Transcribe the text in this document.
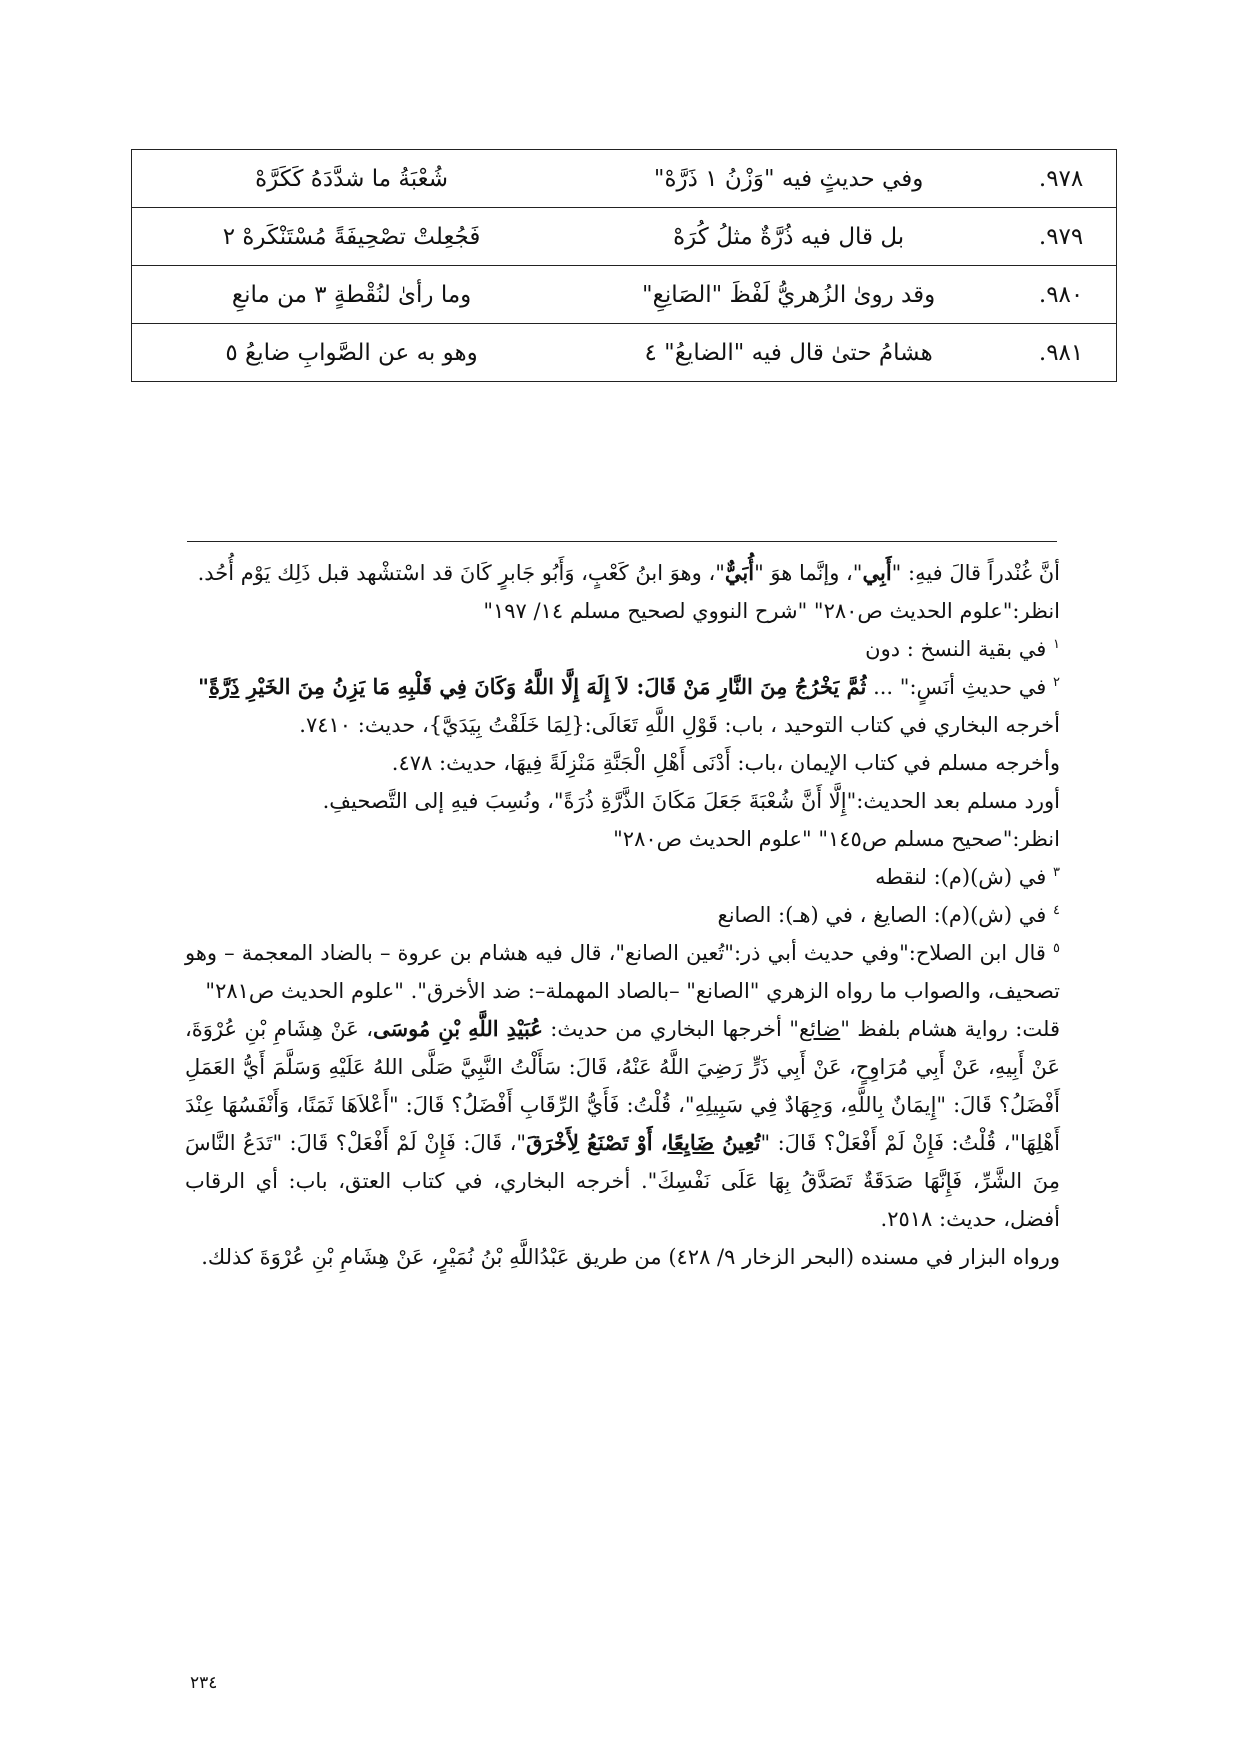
٩٧٨.	وفي حديثٍ فيه "وَزْنُ ١ ذَرَّهْ"	شُعْبَةُ ما شدَّدَهُ كَكَرَّهْ
٩٧٩.	بل قال فيه ذُرَّةٌ مثلُ كُرَهْ	فَجُعِلتْ تصْحِيفَةً مُسْتَنْكَرهْ ٢
٩٨٠.	وقد روىٰ الزُهريُّ لَفْظَ "الصَانِعِ"	وما رأىٰ لنُقْطةٍ ٣ من مانعِ
٩٨١.	هشامُ حتىٰ قال فيه "الضايعُ" ٤	وهو به عن الصَّوابِ ضايعُ ٥

أنَّ غُنْدراً قالَ فيهِ: "أَبِي"، وإنَّما هوَ "أُبَيٌّ"، وهوَ ابنُ كَعْبٍ، وَأَبُو جَابرٍ كَانَ قد اسْتشْهد قبل ذَلِك يَوْم أُحُد.

انظر:"علوم الحديث ص٢٨٠" "شرح النووي لصحيح مسلم ١٤/ ١٩٧"

$^١$ في بقية النسخ : دون

$^٢$ في حديثِ أنَسٍ:" ... ثُمَّ يَخْرُجُ مِنَ النَّارِ مَنْ قَالَ: لاَ إِلَهَ إِلَّا اللَّهُ وَكَانَ فِي قَلْبِهِ مَا يَزِنُ مِنَ الخَيْرِ ذَرَّةً"

أخرجه البخاري في كتاب التوحيد ، باب: قَوْلِ اللَّهِ تَعَالَى:{لِمَا خَلَقْتُ بِيَدَيَّ}، حديث: ٧٤١٠.

وأخرجه مسلم في كتاب الإيمان ،باب: أَدْنَى أَهْلِ الْجَنَّةِ مَنْزِلَةً فِيهَا، حديث: ٤٧٨.

أورد مسلم بعد الحديث:"إِلَّا أَنَّ شُعْبَةَ جَعَلَ مَكَانَ الذَّرَّةِ ذُرَةً"، ونُسِبَ فيهِ إلى التَّصحيفِ.

انظر:"صحيح مسلم ص١٤٥" "علوم الحديث ص٢٨٠"

$^٣$ في (ش)(م): لنقطه

$^٤$ في (ش)(م): الصايغ ، في (هـ): الصانع

$^٥$ قال ابن الصلاح:"وفي حديث أبي ذر:"تُعين الصانع"، قال فيه هشام بن عروة – بالضاد المعجمة – وهو تصحيف، والصواب ما رواه الزهري "الصانع" –بالصاد المهملة–: ضد الأخرق". "علوم الحديث ص٢٨١"

قلت: رواية هشام بلفظ "ضائع" أخرجها البخاري من حديث: عُبَيْدِ اللَّهِ بْنِ مُوسَى، عَنْ هِشَامِ بْنِ عُرْوَةَ، عَنْ أَبِيهِ، عَنْ أَبِي مُرَاوِحٍ، عَنْ أَبِي ذَرٍّ رَضِيَ اللَّهُ عَنْهُ، قَالَ: سَأَلْتُ النَّبِيَّ صَلَّى اللهُ عَلَيْهِ وَسَلَّمَ أَيُّ العَمَلِ أَفْضَلُ؟ قَالَ: "إِيمَانٌ بِاللَّهِ، وَجِهَادٌ فِي سَبِيلِهِ"، قُلْتُ: فَأَيُّ الرِّقَابِ أَفْضَلُ؟ قَالَ: "أَعْلاَهَا ثَمَنًا، وَأَنْفَسُهَا عِنْدَ أَهْلِهَا"، قُلْتُ: فَإِنْ لَمْ أَفْعَلْ؟ قَالَ: "تُعِينُ ضَايِعًا، أَوْ تَصْنَعُ لِأَخْرَقَ"، قَالَ: فَإِنْ لَمْ أَفْعَلْ؟ قَالَ: "تَدَعُ النَّاسَ مِنَ الشَّرِّ، فَإِنَّهَا صَدَقَةٌ تَصَدَّقُ بِهَا عَلَى نَفْسِكَ". أخرجه البخاري، في كتاب العتق، باب: أي الرقاب أفضل، حديث: ٢٥١٨.

ورواه البزار في مسنده (البحر الزخار ٩/ ٤٢٨) من طريق عَبْدُاللَّهِ بْنُ نُمَيْرٍ، عَنْ هِشَامِ بْنِ عُرْوَةَ كذلك.

٢٣٤
